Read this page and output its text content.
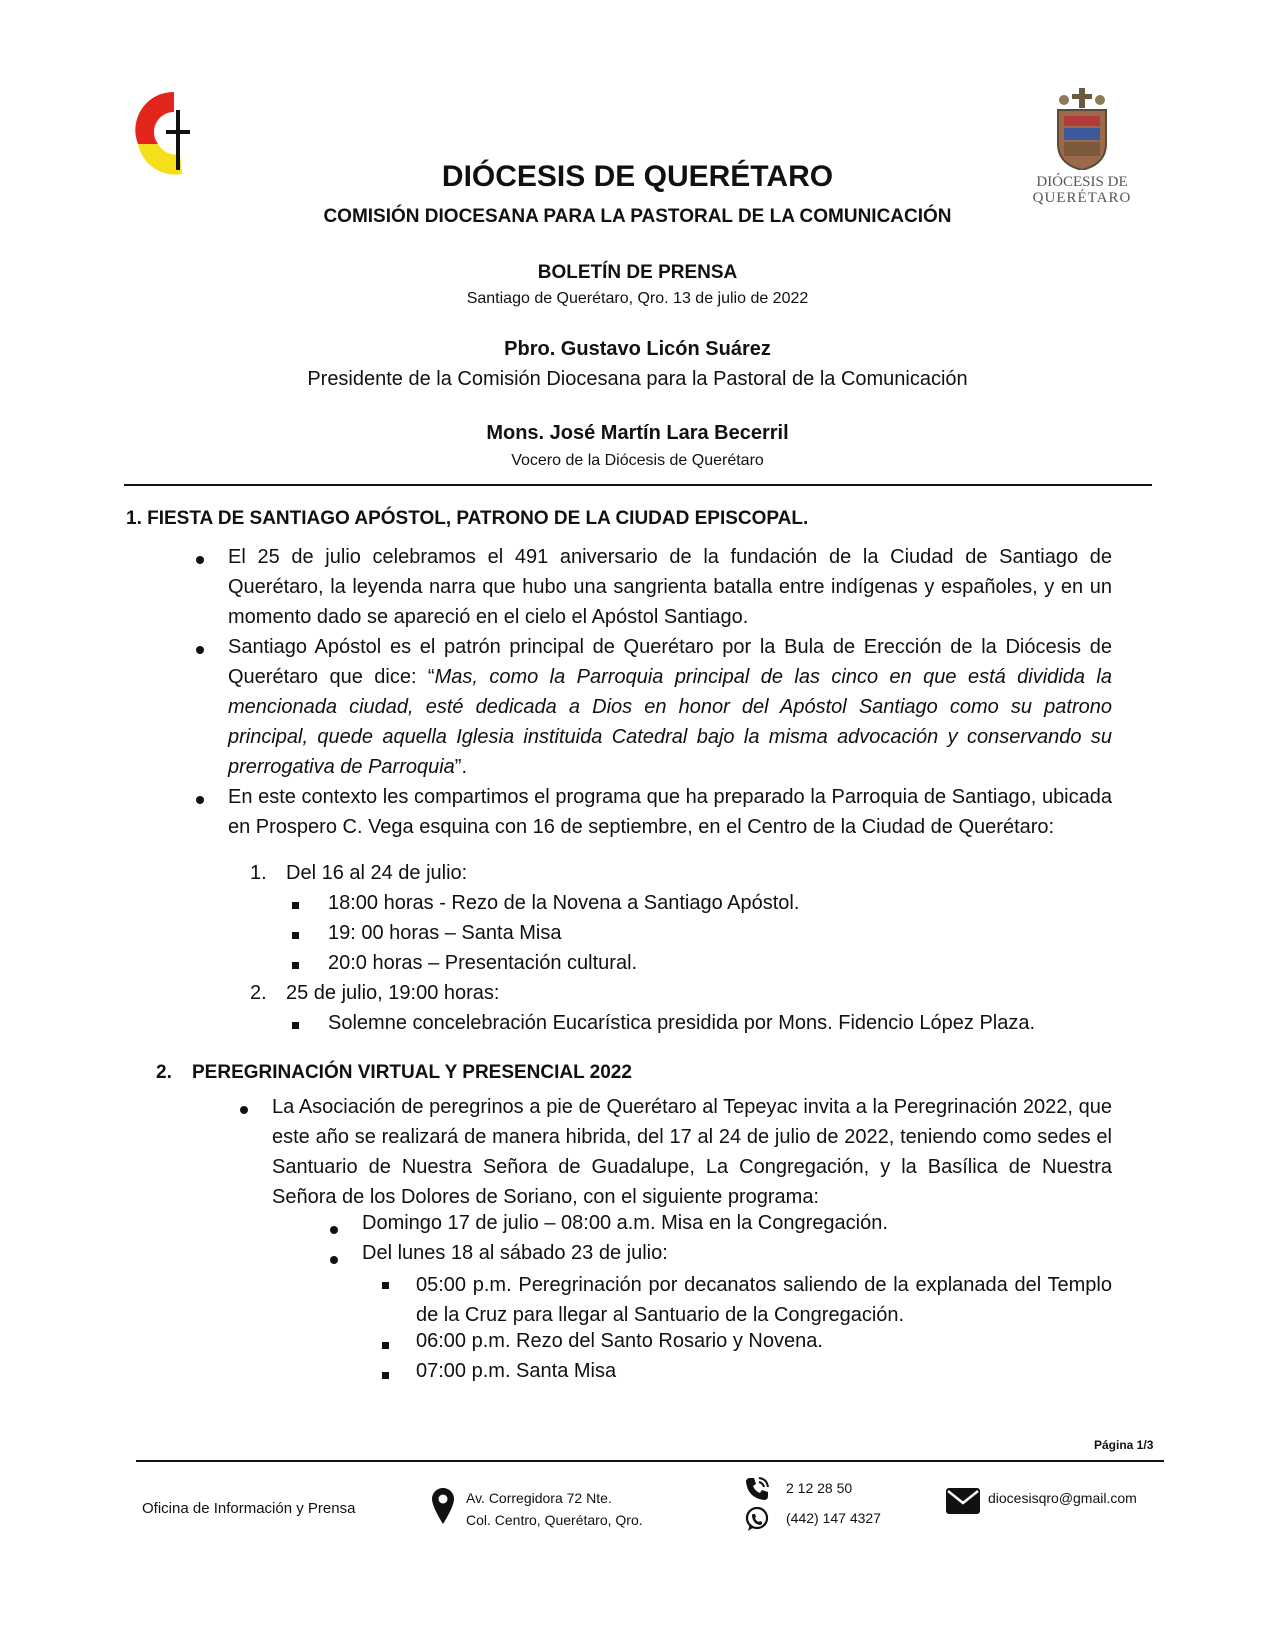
DIÓCESIS DE
QUERÉTARO
DIÓCESIS DE QUERÉTARO
COMISIÓN DIOCESANA PARA LA PASTORAL DE LA COMUNICACIÓN
BOLETÍN DE PRENSA
Santiago de Querétaro, Qro. 13 de julio de 2022
Pbro. Gustavo Licón Suárez
Presidente de la Comisión Diocesana para la Pastoral de la Comunicación
Mons. José Martín Lara Becerril
Vocero de la Diócesis de Querétaro
1. FIESTA DE SANTIAGO APÓSTOL, PATRONO DE LA CIUDAD EPISCOPAL.
El 25 de julio celebramos el 491 aniversario de la fundación de la Ciudad de Santiago de Querétaro, la leyenda narra que hubo una sangrienta batalla entre indígenas y españoles, y en un momento dado se apareció en el cielo el Apóstol Santiago.
Santiago Apóstol es el patrón principal de Querétaro por la Bula de Erección de la Diócesis de Querétaro que dice: “Mas, como la Parroquia principal de las cinco en que está dividida la mencionada ciudad, esté dedicada a Dios en honor del Apóstol Santiago como su patrono principal, quede aquella Iglesia instituida Catedral bajo la misma advocación y conservando su prerrogativa de Parroquia”.
En este contexto les compartimos el programa que ha preparado la Parroquia de Santiago, ubicada en Prospero C. Vega esquina con 16 de septiembre, en el Centro de la Ciudad de Querétaro:
1. Del 16 al 24 de julio:
18:00 horas - Rezo de la Novena a Santiago Apóstol.
19: 00 horas – Santa Misa
20:0 horas – Presentación cultural.
2. 25 de julio, 19:00 horas:
Solemne concelebración Eucarística presidida por Mons. Fidencio López Plaza.
2. PEREGRINACIÓN VIRTUAL Y PRESENCIAL 2022
La Asociación de peregrinos a pie de Querétaro al Tepeyac invita a la Peregrinación 2022, que este año se realizará de manera hibrida, del 17 al 24 de julio de 2022, teniendo como sedes el Santuario de Nuestra Señora de Guadalupe, La Congregación, y la Basílica de Nuestra Señora de los Dolores de Soriano, con el siguiente programa:
Domingo 17 de julio – 08:00 a.m. Misa en la Congregación.
Del lunes 18 al sábado 23 de julio:
05:00 p.m. Peregrinación por decanatos saliendo de la explanada del Templo de la Cruz para llegar al Santuario de la Congregación.
06:00 p.m. Rezo del Santo Rosario y Novena.
07:00 p.m. Santa Misa
Página 1/3
Oficina de Información y Prensa
Av. Corregidora 72 Nte.
Col. Centro, Querétaro, Qro.
2 12 28 50
(442) 147 4327
diocesisqro@gmail.com
